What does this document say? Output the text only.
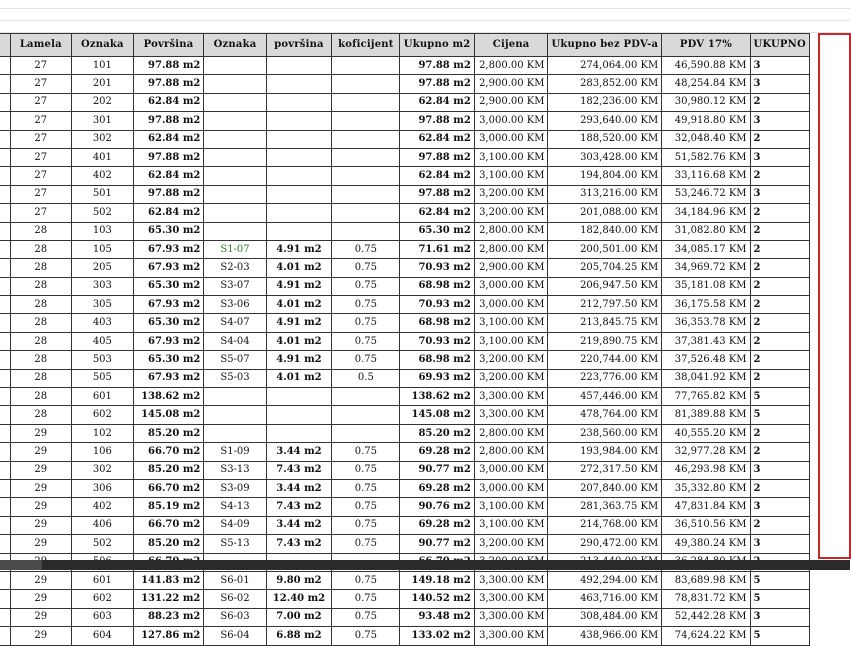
	Lamela	Oznaka	Površina	Oznaka	površina	koficijent	Ukupno m2	Cijena	Ukupno bez PDV-a	PDV 17%	UKUPNO
	27	101	97.88 m2				97.88 m2	2,800.00 KM	274,064.00 KM	46,590.88 KM	3
	27	201	97.88 m2				97.88 m2	2,900.00 KM	283,852.00 KM	48,254.84 KM	3
	27	202	62.84 m2				62.84 m2	2,900.00 KM	182,236.00 KM	30,980.12 KM	2
	27	301	97.88 m2				97.88 m2	3,000.00 KM	293,640.00 KM	49,918.80 KM	3
	27	302	62.84 m2				62.84 m2	3,000.00 KM	188,520.00 KM	32,048.40 KM	2
	27	401	97.88 m2				97.88 m2	3,100.00 KM	303,428.00 KM	51,582.76 KM	3
	27	402	62.84 m2				62.84 m2	3,100.00 KM	194,804.00 KM	33,116.68 KM	2
	27	501	97.88 m2				97.88 m2	3,200.00 KM	313,216.00 KM	53,246.72 KM	3
	27	502	62.84 m2				62.84 m2	3,200.00 KM	201,088.00 KM	34,184.96 KM	2
	28	103	65.30 m2				65.30 m2	2,800.00 KM	182,840.00 KM	31,082.80 KM	2
	28	105	67.93 m2	S1-07	4.91 m2	0.75	71.61 m2	2,800.00 KM	200,501.00 KM	34,085.17 KM	2
	28	205	67.93 m2	S2-03	4.01 m2	0.75	70.93 m2	2,900.00 KM	205,704.25 KM	34,969.72 KM	2
	28	303	65.30 m2	S3-07	4.91 m2	0.75	68.98 m2	3,000.00 KM	206,947.50 KM	35,181.08 KM	2
	28	305	67.93 m2	S3-06	4.01 m2	0.75	70.93 m2	3,000.00 KM	212,797.50 KM	36,175.58 KM	2
	28	403	65.30 m2	S4-07	4.91 m2	0.75	68.98 m2	3,100.00 KM	213,845.75 KM	36,353.78 KM	2
	28	405	67.93 m2	S4-04	4.01 m2	0.75	70.93 m2	3,100.00 KM	219,890.75 KM	37,381.43 KM	2
	28	503	65.30 m2	S5-07	4.91 m2	0.75	68.98 m2	3,200.00 KM	220,744.00 KM	37,526.48 KM	2
	28	505	67.93 m2	S5-03	4.01 m2	0.5	69.93 m2	3,200.00 KM	223,776.00 KM	38,041.92 KM	2
	28	601	138.62 m2				138.62 m2	3,300.00 KM	457,446.00 KM	77,765.82 KM	5
	28	602	145.08 m2				145.08 m2	3,300.00 KM	478,764.00 KM	81,389.88 KM	5
	29	102	85.20 m2				85.20 m2	2,800.00 KM	238,560.00 KM	40,555.20 KM	2
	29	106	66.70 m2	S1-09	3.44 m2	0.75	69.28 m2	2,800.00 KM	193,984.00 KM	32,977.28 KM	2
	29	302	85.20 m2	S3-13	7.43 m2	0.75	90.77 m2	3,000.00 KM	272,317.50 KM	46,293.98 KM	3
	29	306	66.70 m2	S3-09	3.44 m2	0.75	69.28 m2	3,000.00 KM	207,840.00 KM	35,332.80 KM	2
	29	402	85.19 m2	S4-13	7.43 m2	0.75	90.76 m2	3,100.00 KM	281,363.75 KM	47,831.84 KM	3
	29	406	66.70 m2	S4-09	3.44 m2	0.75	69.28 m2	3,100.00 KM	214,768.00 KM	36,510.56 KM	2
	29	502	85.20 m2	S5-13	7.43 m2	0.75	90.77 m2	3,200.00 KM	290,472.00 KM	49,380.24 KM	3

	29	601	141.83 m2	S6-01	9.80 m2	0.75	149.18 m2	3,300.00 KM	492,294.00 KM	83,689.98 KM	5
	29	602	131.22 m2	S6-02	12.40 m2	0.75	140.52 m2	3,300.00 KM	463,716.00 KM	78,831.72 KM	5
	29	603	88.23 m2	S6-03	7.00 m2	0.75	93.48 m2	3,300.00 KM	308,484.00 KM	52,442.28 KM	3
	29	604	127.86 m2	S6-04	6.88 m2	0.75	133.02 m2	3,300.00 KM	438,966.00 KM	74,624.22 KM	5
